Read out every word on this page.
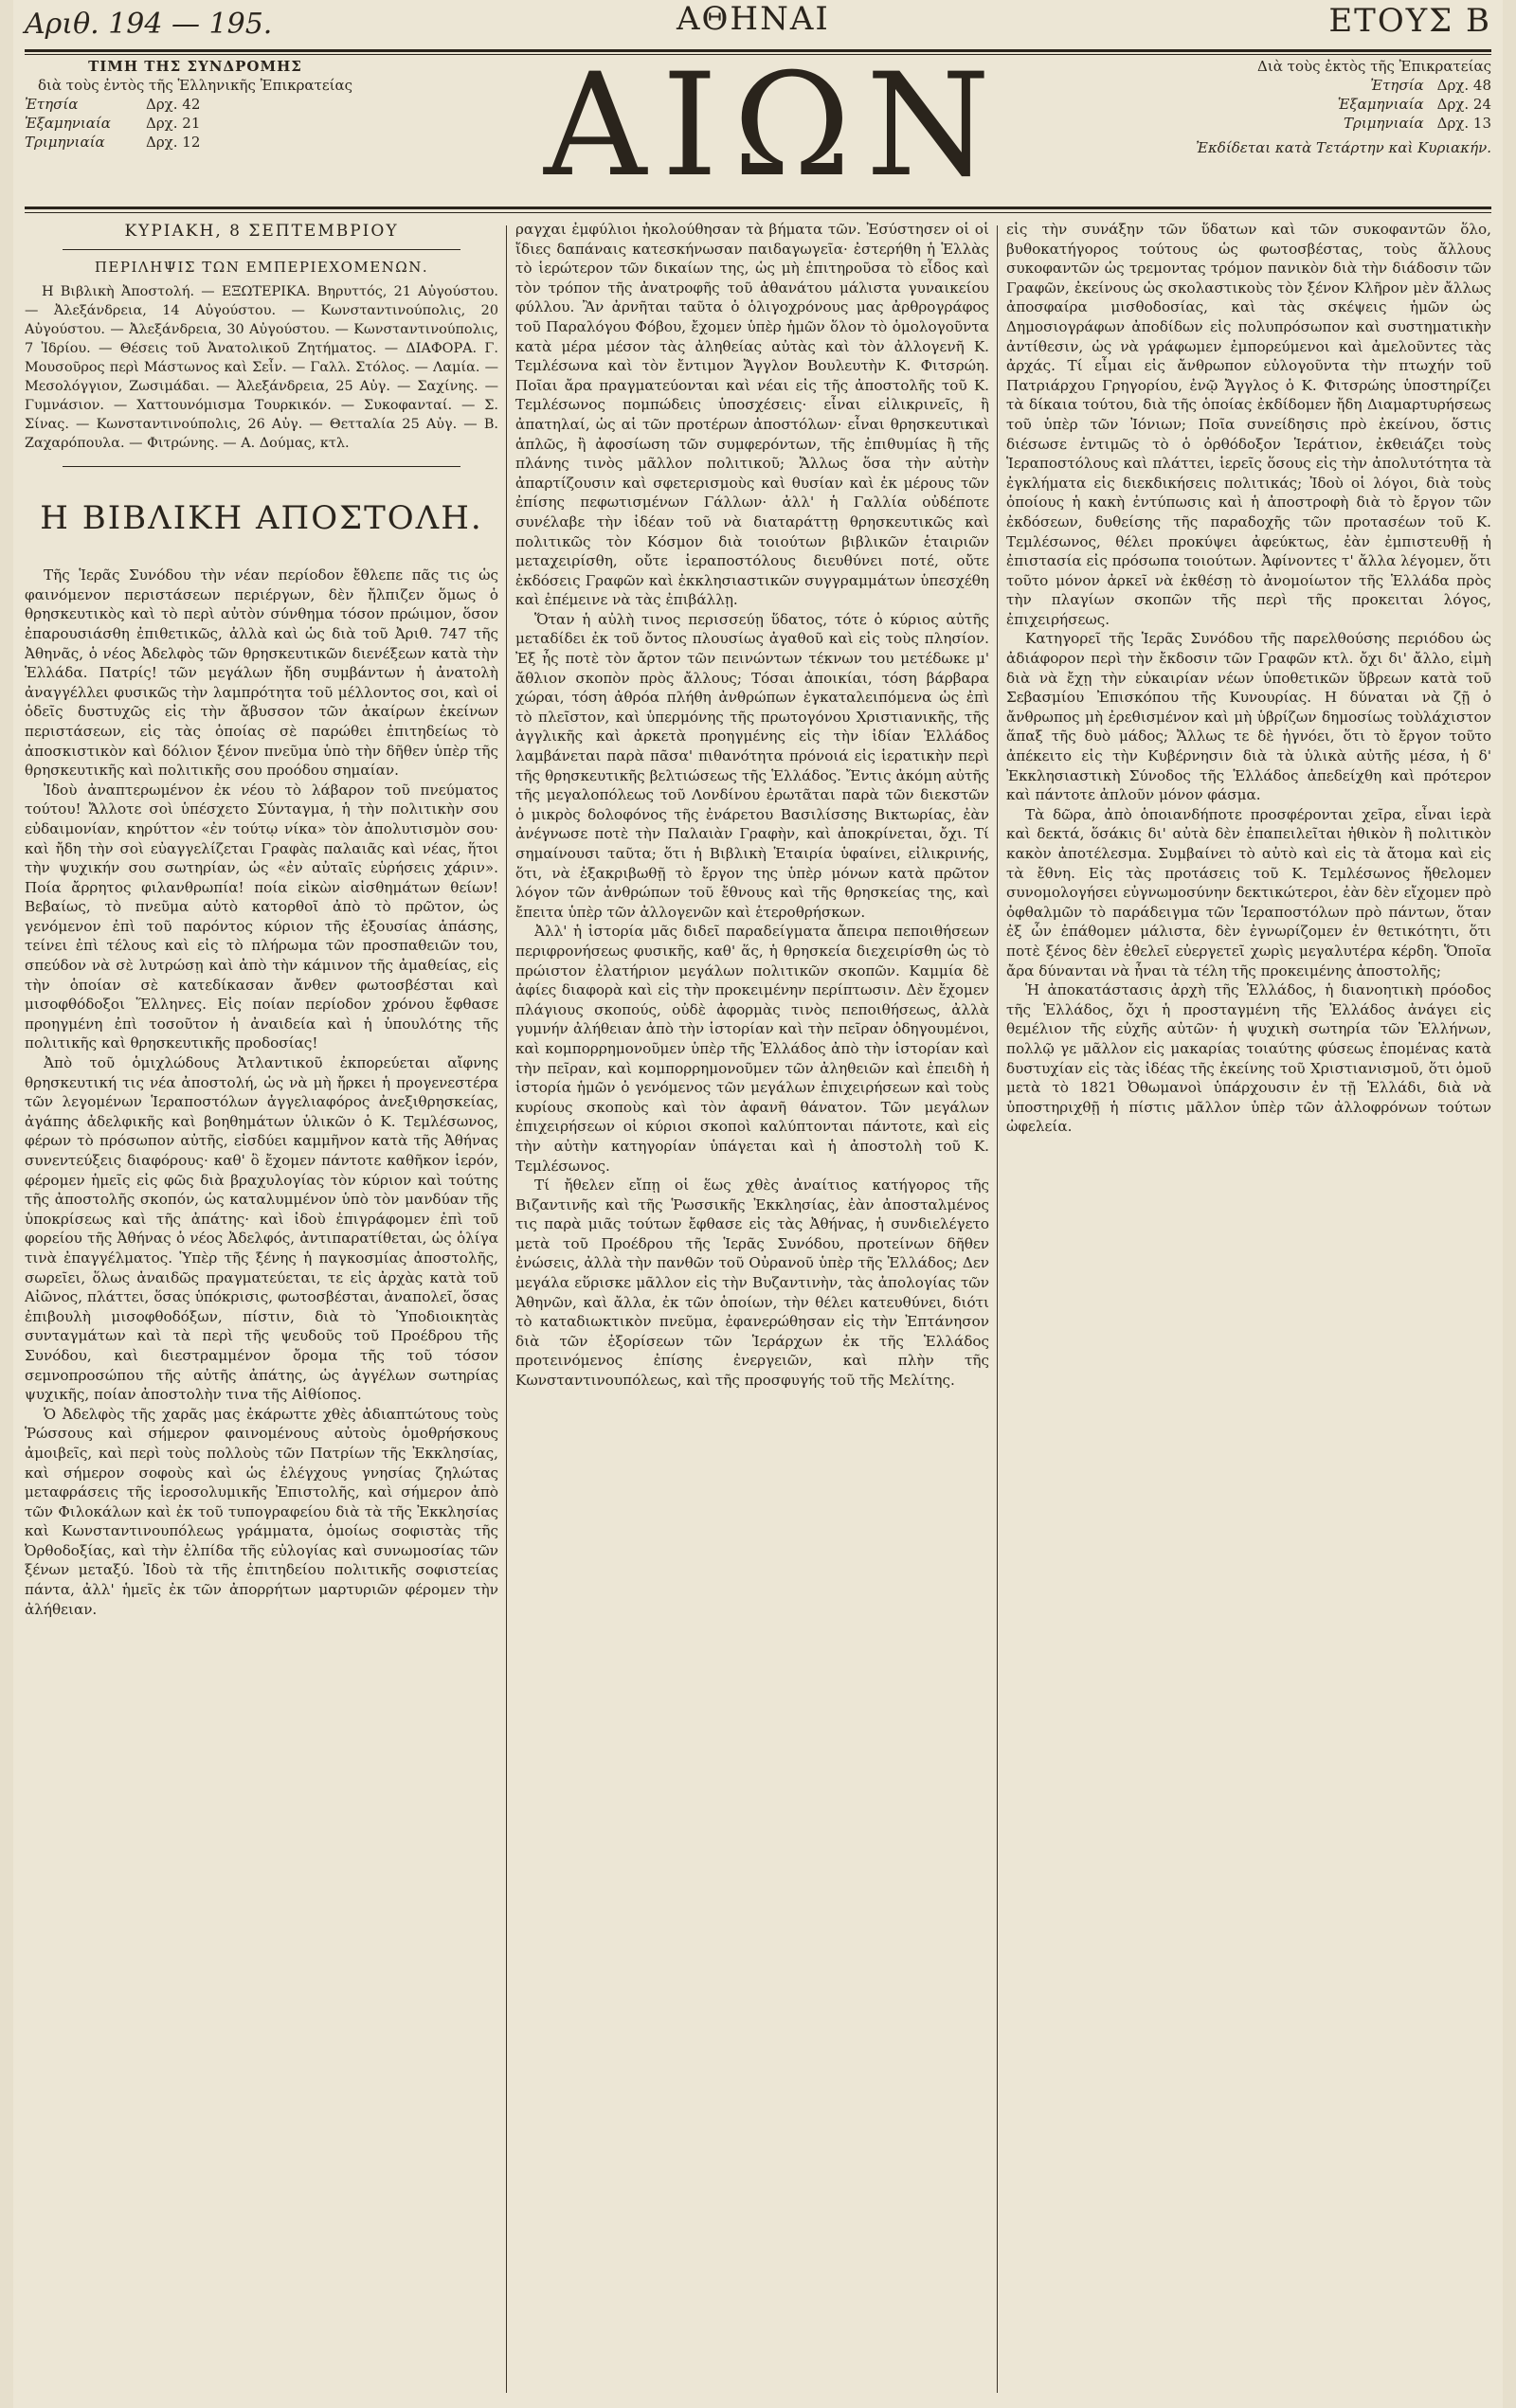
Αριθ. 194 — 195.	ΑΘΗΝΑΙ	ΕΤΟΥΣ Β
ΤΙΜΗ ΤΗΣ ΣΥΝΔΡΟΜΗΣ
διὰ τοὺς ἐντὸς τῆς Ἑλληνικῆς Ἐπικρατείας
Ἐτησία	Δρχ. 42
Ἑξαμηνιαία	Δρχ. 21
Τριμηνιαία	Δρχ. 12 ΑΙΩΝ	Διὰ τοὺς ἐκτὸς τῆς Ἐπικρατείας
Ἐτησία Δρχ. 48
Ἑξαμηνιαία Δρχ. 24
Τριμηνιαία Δρχ. 13
Ἐκδίδεται κατὰ Τετάρτην καὶ Κυριακήν.
ΚΥΡΙΑΚΗ, 8 ΣΕΠΤΕΜΒΡΙΟΥ
ΠΕΡΙΛΗΨΙΣ ΤΩΝ ΕΜΠΕΡΙΕΧΟΜΕΝΩΝ.
Η Βιβλικὴ Ἀποστολή. — ΕΞΩΤΕΡΙΚΑ. Βηρυττός, 21 Αὐγούστου. — Ἀλεξάνδρεια, 14 Αὐγούστου. — Κωνσταντινούπολις, 20 Αὐγούστου. — Ἀλεξάνδρεια, 30 Αὐγούστου. — Κωνσταντινούπολις, 7 Ἰδρίου. — Θέσεις τοῦ Ἀνατολικοῦ Ζητήματος. — ΔΙΑΦΟΡΑ. Γ. Μουσοῦρος περὶ Μάστωνος καὶ Σεἶν. — Γαλλ. Στόλος. — Λαμία. — Μεσολόγγιον, Ζωσιμάδαι. — Ἀλεξάνδρεια, 25 Αὐγ. — Σαχίνης. — Γυμνάσιον. — Χαττουνόμισμα Τουρκικόν. — Συκοφανταί. — Σ. Σίνας. — Κωνσταντινούπολις, 26 Αὐγ. — Θετταλία 25 Αὐγ. — Β. Ζαχαρόπουλα. — Φιτρώνης. — Α. Δούμας, κτλ.
Η ΒΙΒΛΙΚΗ ΑΠΟΣΤΟΛΗ.

Τῆς Ἱερᾶς Συνόδου τὴν νέαν περίοδον ἔθλεπε πᾶς τις ὡς φαινόμενον περιστάσεων περιέργων, δὲν ἤλπιζεν ὅμως ὁ θρησκευτικὸς καὶ τὸ περὶ αὐτὸν σύνθημα τόσον πρώιμον, ὅσον ἐπαρουσιάσθη ἐπιθετικῶς, ἀλλὰ καὶ ὡς διὰ τοῦ Ἀριθ. 747 τῆς Ἀθηνᾶς, ὁ νέος Ἀδελφὸς τῶν θρησκευτικῶν διενέξεων κατὰ τὴν Ἑλλάδα. Πατρίς! τῶν μεγάλων ἤδη συμβάντων ἡ ἀνατολὴ ἀναγγέλλει φυσικῶς τὴν λαμπρότητα τοῦ μέλλοντος σοι, καὶ οἱ ὁδεῖς δυστυχῶς εἰς τὴν ἄβυσσον τῶν ἀκαίρων ἐκείνων περιστάσεων, εἰς τὰς ὁποίας σὲ παρώθει ἐπιτηδείως τὸ ἀποσκιστικὸν καὶ δόλιον ξένον πνεῦμα ὑπὸ τὴν δῆθεν ὑπὲρ τῆς θρησκευτικῆς καὶ πολιτικῆς σου προόδου σημαίαν.

Ἰδοὺ ἀναπτερωμένον ἐκ νέου τὸ λάβαρον τοῦ πνεύματος τούτου! Ἄλλοτε σοὶ ὑπέσχετο Σύνταγμα, ἡ τὴν πολιτικὴν σου εὐδαιμονίαν, κηρύττον «ἐν τούτῳ νίκα» τὸν ἀπολυτισμὸν σου· καὶ ἤδη τὴν σοὶ εὐαγγελίζεται Γραφὰς παλαιᾶς καὶ νέας, ἥτοι τὴν ψυχικήν σου σωτηρίαν, ὡς «ἐν αὐταῖς εὑρήσεις χάριν». Ποία ἄρρητος φιλανθρωπία! ποία εἰκὼν αἰσθημάτων θείων! Βεβαίως, τὸ πνεῦμα αὐτὸ κατορθοῖ ἀπὸ τὸ πρῶτον, ὡς γενόμενον ἐπὶ τοῦ παρόντος κύριον τῆς ἐξουσίας ἁπάσης, τείνει ἐπὶ τέλους καὶ εἰς τὸ πλήρωμα τῶν προσπαθειῶν του, σπεύδον νὰ σὲ λυτρώσῃ καὶ ἀπὸ τὴν κάμινον τῆς ἀμαθείας, εἰς τὴν ὁποίαν σὲ κατεδίκασαν ἄνθεν φωτοσβέσται καὶ μισοφθόδοξοι Ἕλληνες. Εἰς ποίαν περίοδον χρόνου ἔφθασε προηγμένη ἐπὶ τοσοῦτον ἡ ἀναιδεία καὶ ἡ ὑπουλότης τῆς πολιτικῆς καὶ θρησκευτικῆς προδοσίας!

Ἀπὸ τοῦ ὁμιχλώδους Ἀτλαντικοῦ ἐκπορεύεται αἴφνης θρησκευτική τις νέα ἀποστολή, ὡς νὰ μὴ ἤρκει ἡ προγενεστέρα τῶν λεγομένων Ἱεραποστόλων ἀγγελιαφόρος ἀνεξιθρησκείας, ἀγάπης ἀδελφικῆς καὶ βοηθημάτων ὑλικῶν ὁ Κ. Τεμλέσωνος, φέρων τὸ πρόσωπον αὐτῆς, εἰσδύει καμμῆνον κατὰ τῆς Ἀθήνας συνεντεύξεις διαφόρους· καθ' ὃ ἔχομεν πάντοτε καθῆκον ἱερόν, φέρομεν ἡμεῖς εἰς φῶς διὰ βραχυλογίας τὸν κύριον καὶ τούτης τῆς ἀποστολῆς σκοπόν, ὡς καταλυμμένον ὑπὸ τὸν μανδύαν τῆς ὑποκρίσεως καὶ τῆς ἀπάτης· καὶ ἰδοὺ ἐπιγράφομεν ἐπὶ τοῦ φορείου τῆς Ἀθήνας ὁ νέος Ἀδελφός, ἀντιπαρατίθεται, ὡς ὁλίγα τινὰ ἐπαγγέλματος. Ὑπὲρ τῆς ξένης ἡ παγκοσμίας ἀποστολῆς, σωρεῖει, ὅλως ἀναιδῶς πραγματεύεται, τε εἰς ἀρχὰς κατὰ τοῦ Αἰῶνος, πλάττει, ὅσας ὑπόκρισις, φωτοσβέσται, ἀναπολεῖ, ὅσας ἐπιβουλὴ μισοφθοδόξων, πίστιν, διὰ τὸ Ὑποδιοικητὰς συνταγμάτων καὶ τὰ περὶ τῆς ψευδοῦς τοῦ Προέδρου τῆς Συνόδου, καὶ διεστραμμένον ὄρομα τῆς τοῦ τόσον σεμνοπροσώπου τῆς αὐτῆς ἀπάτης, ὡς ἀγγέλων σωτηρίας ψυχικῆς, ποίαν ἀποστολὴν τινα τῆς Αἰθίοπος.

Ὁ Ἀδελφὸς τῆς χαρᾶς μας ἐκάρωττε χθὲς ἀδιαπτώτους τοὺς Ῥώσσους καὶ σήμερον φαινομένους αὐτοὺς ὁμοθρήσκους ἀμοιβεῖς, καὶ περὶ τοὺς πολλοὺς τῶν Πατρίων τῆς Ἐκκλησίας, καὶ σήμερον σοφοὺς καὶ ὡς ἐλέγχους γνησίας ζηλώτας μεταφράσεις τῆς ἱεροσολυμικῆς Ἐπιστολῆς, καὶ σήμερον ἀπὸ τῶν Φιλοκάλων καὶ ἐκ τοῦ τυπογραφείου διὰ τὰ τῆς Ἐκκλησίας καὶ Κωνσταντινουπόλεως γράμματα, ὁμοίως σοφιστὰς τῆς Ὀρθοδοξίας, καὶ τὴν ἐλπίδα τῆς εὐλογίας καὶ συνωμοσίας τῶν ξένων μεταξύ. Ἰδοὺ τὰ τῆς ἐπιτηδείου πολιτικῆς σοφιστείας πάντα, ἀλλ' ἡμεῖς ἐκ τῶν ἀπορρήτων μαρτυριῶν φέρομεν τὴν ἀλήθειαν.

ραγχαι ἐμφύλιοι ἠκολούθησαν τὰ βήματα τῶν. Ἐσύστησεν οἱ οἱ ἴδιες δαπάναις κατεσκήνωσαν παιδαγωγεῖα· ἐστερήθη ἡ Ἑλλὰς τὸ ἱερώτερον τῶν δικαίων της, ὡς μὴ ἐπιτηροῦσα τὸ εἶδος καὶ τὸν τρόπον τῆς ἀνατροφῆς τοῦ ἀθανάτου μάλιστα γυναικείου φύλλου. Ἂν ἀρνῆται ταῦτα ὁ ὁλιγοχρόνους μας ἀρθρογράφος τοῦ Παραλόγου Φόβου, ἔχομεν ὑπὲρ ἡμῶν ὅλον τὸ ὁμολογοῦντα κατὰ μέρα μέσον τὰς ἀληθείας αὐτὰς καὶ τὸν ἀλλογενῆ Κ. Τεμλέσωνα καὶ τὸν ἔντιμον Ἄγγλον Βουλευτὴν Κ. Φιτσρώη. Ποῖαι ἄρα πραγματεύονται καὶ νέαι εἰς τῆς ἀποστολῆς τοῦ Κ. Τεμλέσωνος πομπώδεις ὑποσχέσεις· εἶναι εἰλικρινεῖς, ἢ ἀπατηλαί, ὡς αἱ τῶν προτέρων ἀποστόλων· εἶναι θρησκευτικαὶ ἁπλῶς, ἢ ἀφοσίωση τῶν συμφερόντων, τῆς ἐπιθυμίας ἢ τῆς πλάνης τινὸς μᾶλλον πολιτικοῦ; Ἄλλως ὅσα τὴν αὐτὴν ἀπαρτίζουσιν καὶ σφετερισμοὺς καὶ θυσίαν καὶ ἐκ μέρους τῶν ἐπίσης πεφωτισμένων Γάλλων· ἀλλ' ἡ Γαλλία οὐδέποτε συνέλαβε τὴν ἰδέαν τοῦ νὰ διαταράττῃ θρησκευτικῶς καὶ πολιτικῶς τὸν Κόσμον διὰ τοιούτων βιβλικῶν ἑταιριῶν μεταχειρίσθη, οὔτε ἱεραποστόλους διευθύνει ποτέ, οὔτε ἐκδόσεις Γραφῶν καὶ ἐκκλησιαστικῶν συγγραμμάτων ὑπεσχέθη καὶ ἐπέμεινε νὰ τὰς ἐπιβάλλῃ.

Ὅταν ἡ αὐλὴ τινος περισσεύῃ ὕδατος, τότε ὁ κύριος αὐτῆς μεταδίδει ἐκ τοῦ ὄντος πλουσίως ἀγαθοῦ καὶ εἰς τοὺς πλησίον. Ἐξ ἧς ποτὲ τὸν ἄρτον τῶν πεινώντων τέκνων του μετέδωκε μ' ἄθλιον σκοπὸν πρὸς ἄλλους; Τόσαι ἀποικίαι, τόση βάρβαρα χώραι, τόση ἀθρόα πλήθη ἀνθρώπων ἐγκαταλειπόμενα ὡς ἐπὶ τὸ πλεῖστον, καὶ ὑπερμόνης τῆς πρωτογόνου Χριστιανικῆς, τῆς ἀγγλικῆς καὶ ἀρκετὰ προηγμένης εἰς τὴν ἰδίαν Ἑλλάδος λαμβάνεται παρὰ πᾶσα' πιθανότητα πρόνοιά εἰς ἱερατικὴν περὶ τῆς θρησκευτικῆς βελτιώσεως τῆς Ἑλλάδος. Ἔντις ἀκόμη αὐτῆς τῆς μεγαλοπόλεως τοῦ Λονδίνου ἐρωτᾶται παρὰ τῶν διεκστῶν ὁ μικρὸς δολοφόνος τῆς ἐνάρετου Βασιλίσσης Βικτωρίας, ἐὰν ἀνέγνωσε ποτὲ τὴν Παλαιὰν Γραφὴν, καὶ ἀποκρίνεται, ὄχι. Τί σημαίνουσι ταῦτα; ὅτι ἡ Βιβλικὴ Ἑταιρία ὑφαίνει, εἰλικρινής, ὅτι, νὰ ἐξακριβωθῇ τὸ ἔργον της ὑπὲρ μόνων κατὰ πρῶτον λόγον τῶν ἀνθρώπων τοῦ ἔθνους καὶ τῆς θρησκείας της, καὶ ἔπειτα ὑπὲρ τῶν ἀλλογενῶν καὶ ἑτεροθρήσκων.

Ἀλλ' ἡ ἱστορία μᾶς διδεῖ παραδείγματα ἄπειρα πεποιθήσεων περιφρονήσεως φυσικῆς, καθ' ἅς, ἡ θρησκεία διεχειρίσθη ὡς τὸ πρώιστον ἐλατήριον μεγάλων πολιτικῶν σκοπῶν. Καμμία δὲ ἀφίες διαφορὰ καὶ εἰς τὴν προκειμένην περίπτωσιν. Δὲν ἔχομεν πλάγιους σκοπούς, οὐδὲ ἀφορμὰς τινὸς πεποιθήσεως, ἀλλὰ γυμνήν ἀλήθειαν ἀπὸ τὴν ἱστορίαν καὶ τὴν πεῖραν ὁδηγουμένοι, καὶ κομπορρημονοῦμεν ὑπὲρ τῆς Ἑλλάδος ἀπὸ τὴν ἱστορίαν καὶ τὴν πεῖραν, καὶ κομπορρημονοῦμεν τῶν ἀληθειῶν καὶ ἐπειδὴ ἡ ἱστορία ἡμῶν ὁ γενόμενος τῶν μεγάλων ἐπιχειρήσεων καὶ τοὺς κυρίους σκοποὺς καὶ τὸν ἀφανῆ θάνατον. Τῶν μεγάλων ἐπιχειρήσεων οἱ κύριοι σκοποὶ καλύπτονται πάντοτε, καὶ εἰς τὴν αὐτὴν κατηγορίαν ὑπάγεται καὶ ἡ ἀποστολὴ τοῦ Κ. Τεμλέσωνος.

Τί ἤθελεν εἴπῃ οἱ ἕως χθὲς ἀναίτιος κατήγορος τῆς Βιζαντινῆς καὶ τῆς Ῥωσσικῆς Ἐκκλησίας, ἐὰν ἀποσταλμένος τις παρὰ μιᾶς τούτων ἔφθασε εἰς τὰς Ἀθήνας, ἡ συνδιελέγετο μετὰ τοῦ Προέδρου τῆς Ἱερᾶς Συνόδου, προτείνων δῆθεν ἐνώσεις, ἀλλὰ τὴν πανθῶν τοῦ Οὐρανοῦ ὑπὲρ τῆς Ἑλλάδος; Δεν μεγάλα εὕρισκε μᾶλλον εἰς τὴν Βυζαντινὴν, τὰς ἀπολογίας τῶν Ἀθηνῶν, καὶ ἄλλα, ἐκ τῶν ὁποίων, τὴν θέλει κατευθύνει, διότι τὸ καταδιωκτικὸν πνεῦμα, ἐφανερώθησαν εἰς τὴν Ἐπτάνησον διὰ τῶν ἐξορίσεων τῶν Ἱεράρχων ἐκ τῆς Ἑλλάδος προτεινόμενος ἐπίσης ἐνεργειῶν, καὶ πλὴν τῆς Κωνσταντινουπόλεως, καὶ τῆς προσφυγής τοῦ τῆς Μελίτης.

εἰς τὴν συνάξην τῶν ὕδατων καὶ τῶν συκοφαντῶν ὅλο, βυθοκατήγορος τούτους ὡς φωτοσβέστας, τοὺς ἄλλους συκοφαντῶν ὡς τρεμοντας τρόμον πανικὸν διὰ τὴν διάδοσιν τῶν Γραφῶν, ἐκείνους ὡς σκολαστικοὺς τὸν ξένον Κλῆρον μὲν ἄλλως ἀποσφαίρα μισθοδοσίας, καὶ τὰς σκέψεις ἡμῶν ὡς Δημοσιογράφων ἀποδίδων εἰς πολυπρόσωπον καὶ συστηματικὴν ἀντίθεσιν, ὡς νὰ γράφωμεν ἐμπορεύμενοι καὶ ἀμελοῦντες τὰς ἀρχάς. Τί εἶμαι εἰς ἄνθρωπον εὐλογοῦντα τὴν πτωχήν τοῦ Πατριάρχου Γρηγορίου, ἐνῷ Ἄγγλος ὁ Κ. Φιτσρώης ὑποστηρίζει τὰ δίκαια τούτου, διὰ τῆς ὁποίας ἐκδίδομεν ἤδη Διαμαρτυρήσεως τοῦ ὑπὲρ τῶν Ἰόνιων; Ποῖα συνείδησις πρὸ ἐκείνου, ὅστις διέσωσε ἐντιμῶς τὸ ὁ ὀρθόδοξον Ἱεράτιον, ἐκθειάζει τοὺς Ἱεραποστόλους καὶ πλάττει, ἱερεῖς ὅσους εἰς τὴν ἀπολυτότητα τὰ ἐγκλήματα εἰς διεκδικήσεις πολιτικάς; Ἰδοὺ οἱ λόγοι, διὰ τοὺς ὁποίους ἡ κακὴ ἐντύπωσις καὶ ἡ ἀποστροφὴ διὰ τὸ ἔργον τῶν ἐκδόσεων, δυθείσης τῆς παραδοχῆς τῶν προτασέων τοῦ Κ. Τεμλέσωνος, θέλει προκύψει ἀφεύκτως, ἐὰν ἐμπιστευθῇ ἡ ἐπιστασία εἰς πρόσωπα τοιούτων. Ἀφίνοντες τ' ἄλλα λέγομεν, ὅτι τοῦτο μόνον ἀρκεῖ νὰ ἐκθέσῃ τὸ ἀνομοίωτον τῆς Ἑλλάδα πρὸς τὴν πλαγίων σκοπῶν τῆς περὶ τῆς προκειται λόγος, ἐπιχειρήσεως.

Κατηγορεῖ τῆς Ἱερᾶς Συνόδου τῆς παρελθούσης περιόδου ὡς ἀδιάφορον περὶ τὴν ἔκδοσιν τῶν Γραφῶν κτλ. ὄχι δι' ἄλλο, εἰμὴ διὰ νὰ ἔχῃ τὴν εὐκαιρίαν νέων ὑποθετικῶν ὕβρεων κατὰ τοῦ Σεβασμίου Ἐπισκόπου τῆς Κυνουρίας. Η δύναται νὰ ζῇ ὁ ἄνθρωπος μὴ ἐρεθισμένον καὶ μὴ ὑβρίζων δημοσίως τοὺλάχιστον ἅπαξ τῆς δυὸ μάδος; Ἄλλως τε δὲ ἠγνόει, ὅτι τὸ ἔργον τοῦτο ἀπέκειτο εἰς τὴν Κυβέρνησιν διὰ τὰ ὑλικὰ αὐτῆς μέσα, ἡ δ' Ἐκκλησιαστικὴ Σύνοδος τῆς Ἑλλάδος ἀπεδείχθη καὶ πρότερον καὶ πάντοτε ἀπλοῦν μόνον φάσμα.

Τὰ δῶρα, ἀπὸ ὁποιανδήποτε προσφέρονται χεῖρα, εἶναι ἱερὰ καὶ δεκτά, ὅσάκις δι' αὐτὰ δὲν ἐπαπειλεῖται ἠθικὸν ἢ πολιτικὸν κακὸν ἀποτέλεσμα. Συμβαίνει τὸ αὐτὸ καὶ εἰς τὰ ἄτομα καὶ εἰς τὰ ἔθνη. Εἰς τὰς προτάσεις τοῦ Κ. Τεμλέσωνος ἤθελομεν συνομολογήσει εὐγνωμοσύνην δεκτικώτεροι, ἐὰν δὲν εἴχομεν πρὸ ὀφθαλμῶν τὸ παράδειγμα τῶν Ἱεραποστόλων πρὸ πάντων, ὅταν ἐξ ὧν ἐπάθομεν μάλιστα, δὲν ἐγνωρίζομεν ἐν θετικότητι, ὅτι ποτὲ ξένος δὲν ἐθελεῖ εὐεργετεῖ χωρὶς μεγαλυτέρα κέρδη. Ὅποῖα ἄρα δύνανται νὰ ἦναι τὰ τέλη τῆς προκειμένης ἀποστολῆς;

Ἡ ἀποκατάστασις ἀρχὴ τῆς Ἑλλάδος, ἡ διανοητικὴ πρόοδος τῆς Ἑλλάδος, ὄχι ἡ προσταγμένη τῆς Ἑλλάδος ἀνάγει εἰς θεμέλιον τῆς εὐχῆς αὐτῶν· ἡ ψυχικὴ σωτηρία τῶν Ἑλλήνων, πολλῷ γε μᾶλλον εἰς μακαρίας τοιαύτης φύσεως ἐπομένας κατὰ δυστυχίαν εἰς τὰς ἰδέας τῆς ἐκείνης τοῦ Χριστιανισμοῦ, ὅτι ὁμοῦ μετὰ τὸ 1821 Ὀθωμανοὶ ὑπάρχουσιν ἐν τῇ Ἑλλάδι, διὰ νὰ ὑποστηριχθῇ ἡ πίστις μᾶλλον ὑπὲρ τῶν ἀλλοφρόνων τούτων ὠφελεία.
